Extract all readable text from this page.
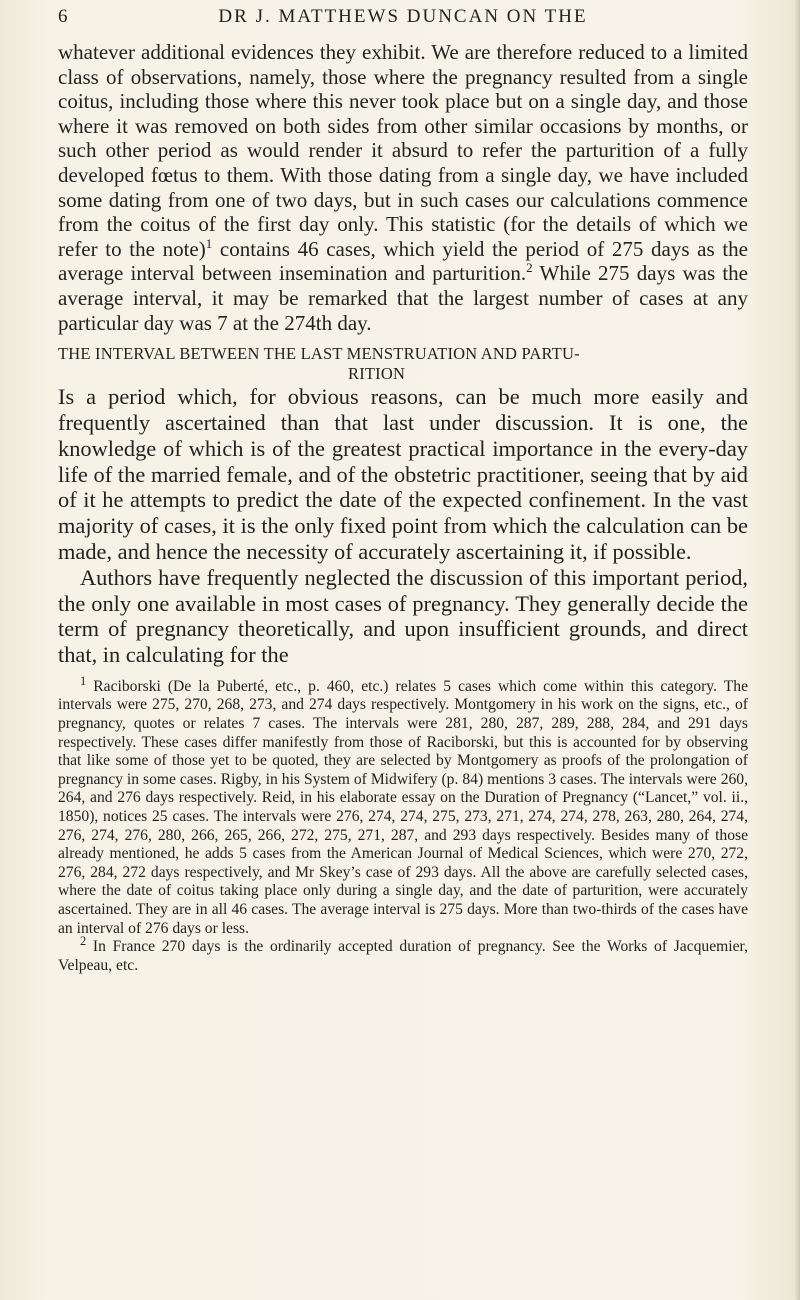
6	DR J. MATTHEWS DUNCAN ON THE

whatever additional evidences they exhibit. We are therefore reduced to a limited class of observations, namely, those where the pregnancy resulted from a single coitus, including those where this never took place but on a single day, and those where it was removed on both sides from other similar occasions by months, or such other period as would render it absurd to refer the parturition of a fully developed fœtus to them. With those dating from a single day, we have included some dating from one of two days, but in such cases our calculations commence from the coitus of the first day only. This statistic (for the details of which we refer to the note)$^1$ contains 46 cases, which yield the period of 275 days as the average interval between insemination and parturition.$^2$ While 275 days was the average interval, it may be remarked that the largest number of cases at any particular day was 7 at the 274th day.

THE INTERVAL BETWEEN THE LAST MENSTRUATION AND PARTU-
RITION

Is a period which, for obvious reasons, can be much more easily and frequently ascertained than that last under discussion. It is one, the knowledge of which is of the greatest practical importance in the every-day life of the married female, and of the obstetric practitioner, seeing that by aid of it he attempts to predict the date of the expected confinement. In the vast majority of cases, it is the only fixed point from which the calculation can be made, and hence the necessity of accurately ascertaining it, if possible.

Authors have frequently neglected the discussion of this important period, the only one available in most cases of pregnancy. They generally decide the term of pregnancy theoretically, and upon insufficient grounds, and direct that, in calculating for the

$^1$ Raciborski (De la Puberté, etc., p. 460, etc.) relates 5 cases which come within this category. The intervals were 275, 270, 268, 273, and 274 days respectively. Montgomery in his work on the signs, etc., of pregnancy, quotes or relates 7 cases. The intervals were 281, 280, 287, 289, 288, 284, and 291 days respectively. These cases differ manifestly from those of Raciborski, but this is accounted for by observing that like some of those yet to be quoted, they are selected by Montgomery as proofs of the prolongation of pregnancy in some cases. Rigby, in his System of Midwifery (p. 84) mentions 3 cases. The intervals were 260, 264, and 276 days respectively. Reid, in his elaborate essay on the Duration of Pregnancy (“Lancet,” vol. ii., 1850), notices 25 cases. The intervals were 276, 274, 274, 275, 273, 271, 274, 274, 278, 263, 280, 264, 274, 276, 274, 276, 280, 266, 265, 266, 272, 275, 271, 287, and 293 days respectively. Besides many of those already mentioned, he adds 5 cases from the American Journal of Medical Sciences, which were 270, 272, 276, 284, 272 days respectively, and Mr Skey’s case of 293 days. All the above are carefully selected cases, where the date of coitus taking place only during a single day, and the date of parturition, were accurately ascertained. They are in all 46 cases. The average interval is 275 days. More than two-thirds of the cases have an interval of 276 days or less.

$^2$ In France 270 days is the ordinarily accepted duration of pregnancy. See the Works of Jacquemier, Velpeau, etc.
